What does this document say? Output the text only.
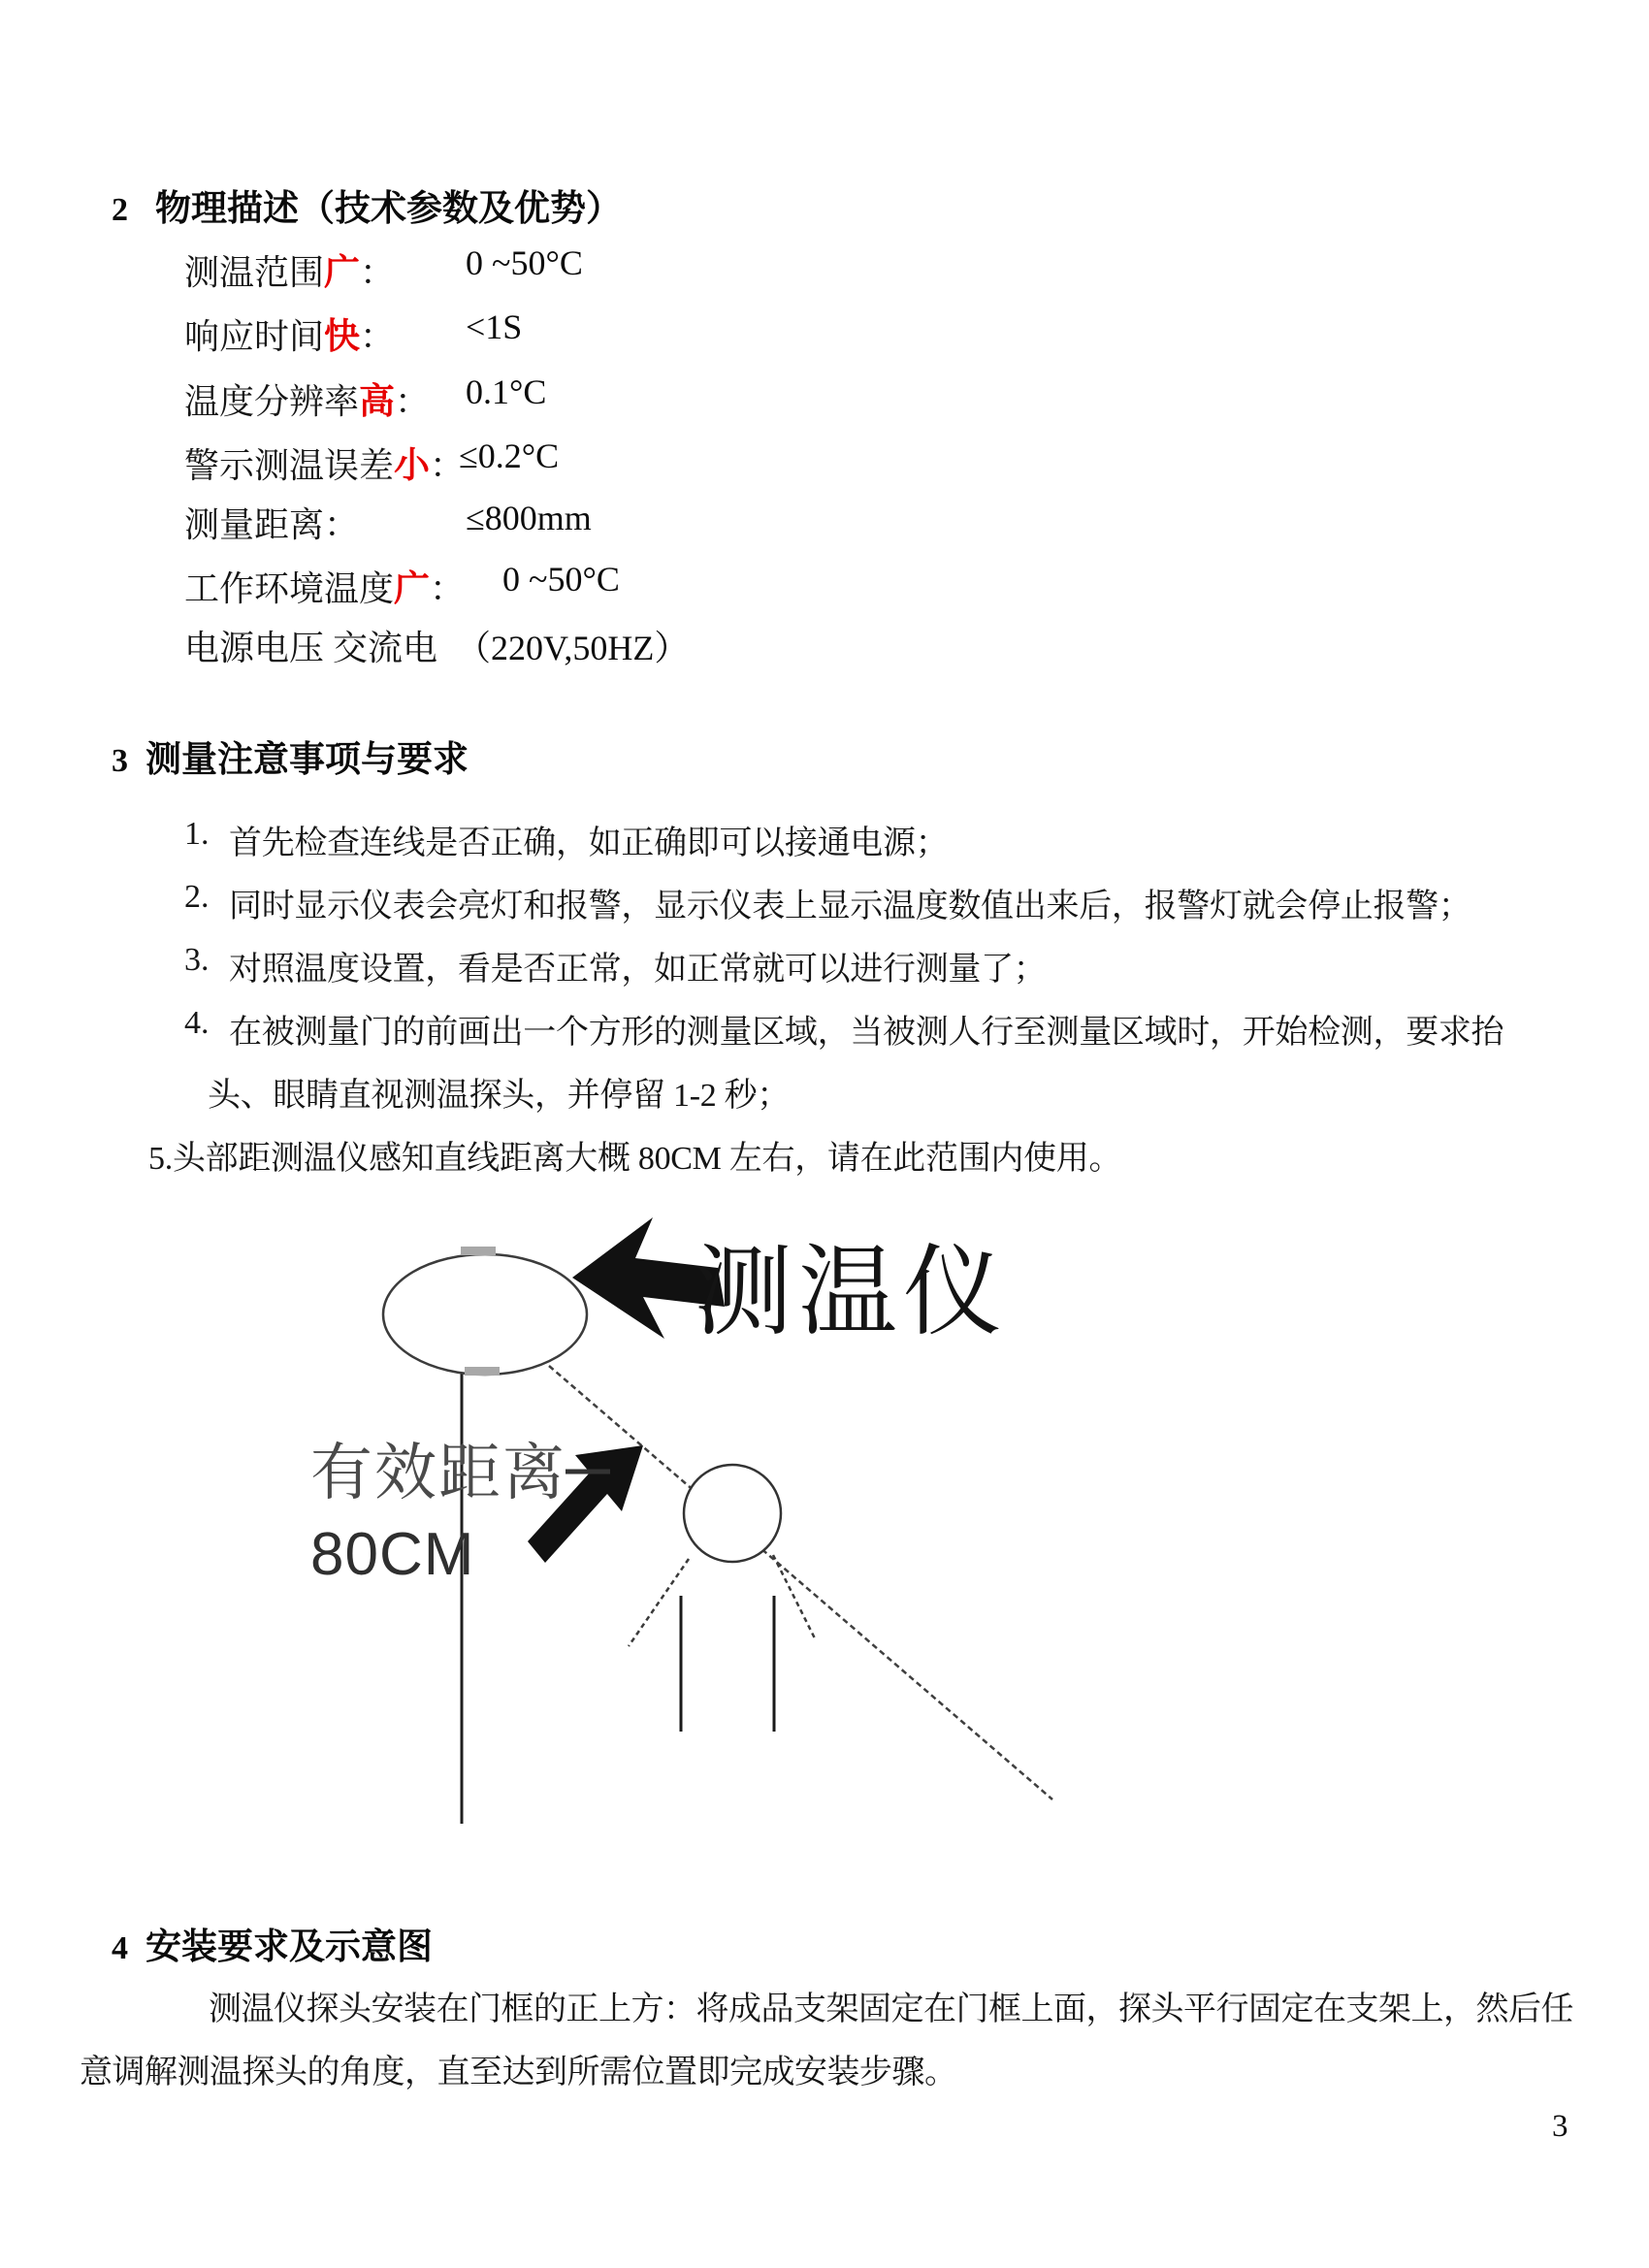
2 物理描述（技术参数及优势）
测温范围广： 0 ~50°C
响应时间快： <1S
温度分辨率高： 0.1°C
警示测温误差小：
≤0.2°C
测量距离：	≤800mm
工作环境温度广： 0 ~50°C
电源电压 交流电 （220V,50HZ）
3 测量注意事项与要求
1. 首先检查连线是否正确，如正确即可以接通电源；
2. 同时显示仪表会亮灯和报警，显示仪表上显示温度数值出来后，报警灯就会停止报警；
3. 对照温度设置，看是否正常，如正常就可以进行测量了；
4. 在被测量门的前画出一个方形的测量区域，当被测人行至测量区域时，开始检测，要求抬
头、眼睛直视测温探头，并停留 1-2 秒；
5.头部距测温仪感知直线距离大概 80CM 左右，请在此范围内使用。
测温仪
有效距离
80CM
4 安装要求及示意图
测温仪探头安装在门框的正上方：将成品支架固定在门框上面，探头平行固定在支架上，然后任
意调解测温探头的角度，直至达到所需位置即完成安装步骤。
3
